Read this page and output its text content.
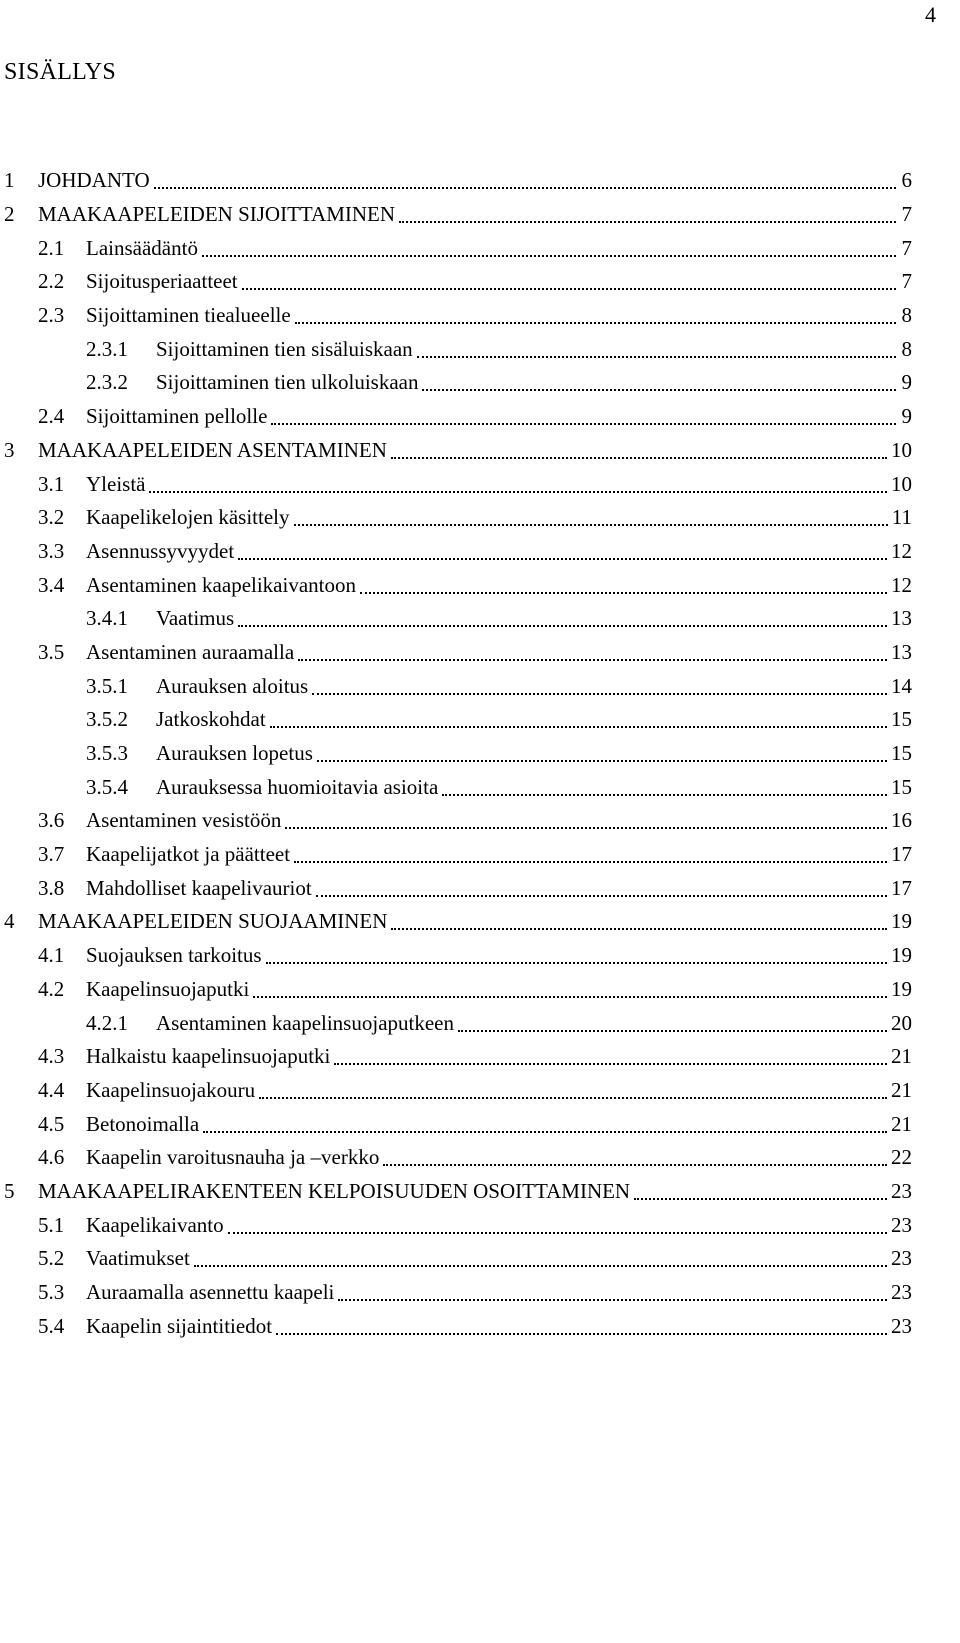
4
SISÄLLYS
1	JOHDANTO	6
2	MAAKAAPELEIDEN SIJOITTAMINEN	7
2.1	Lainsäädäntö	7
2.2	Sijoitusperiaatteet	7
2.3	Sijoittaminen tiealueelle	8
2.3.1	Sijoittaminen tien sisäluiskaan	8
2.3.2	Sijoittaminen tien ulkoluiskaan	9
2.4	Sijoittaminen pellolle	9
3	MAAKAAPELEIDEN ASENTAMINEN	10
3.1	Yleistä	10
3.2	Kaapelikelojen käsittely	11
3.3	Asennussyvyydet	12
3.4	Asentaminen kaapelikaivantoon	12
3.4.1	Vaatimus	13
3.5	Asentaminen auraamalla	13
3.5.1	Aurauksen aloitus	14
3.5.2	Jatkoskohdat	15
3.5.3	Aurauksen lopetus	15
3.5.4	Aurauksessa huomioitavia asioita	15
3.6	Asentaminen vesistöön	16
3.7	Kaapelijatkot ja päätteet	17
3.8	Mahdolliset kaapelivauriot	17
4	MAAKAAPELEIDEN SUOJAAMINEN	19
4.1	Suojauksen tarkoitus	19
4.2	Kaapelinsuojaputki	19
4.2.1	Asentaminen kaapelinsuojaputkeen	20
4.3	Halkaistu kaapelinsuojaputki	21
4.4	Kaapelinsuojakouru	21
4.5	Betonoimalla	21
4.6	Kaapelin varoitusnauha ja –verkko	22
5	MAAKAAPELIRAKENTEEN KELPOISUUDEN OSOITTAMINEN	23
5.1	Kaapelikaivanto	23
5.2	Vaatimukset	23
5.3	Auraamalla asennettu kaapeli	23
5.4	Kaapelin sijaintitiedot	23
